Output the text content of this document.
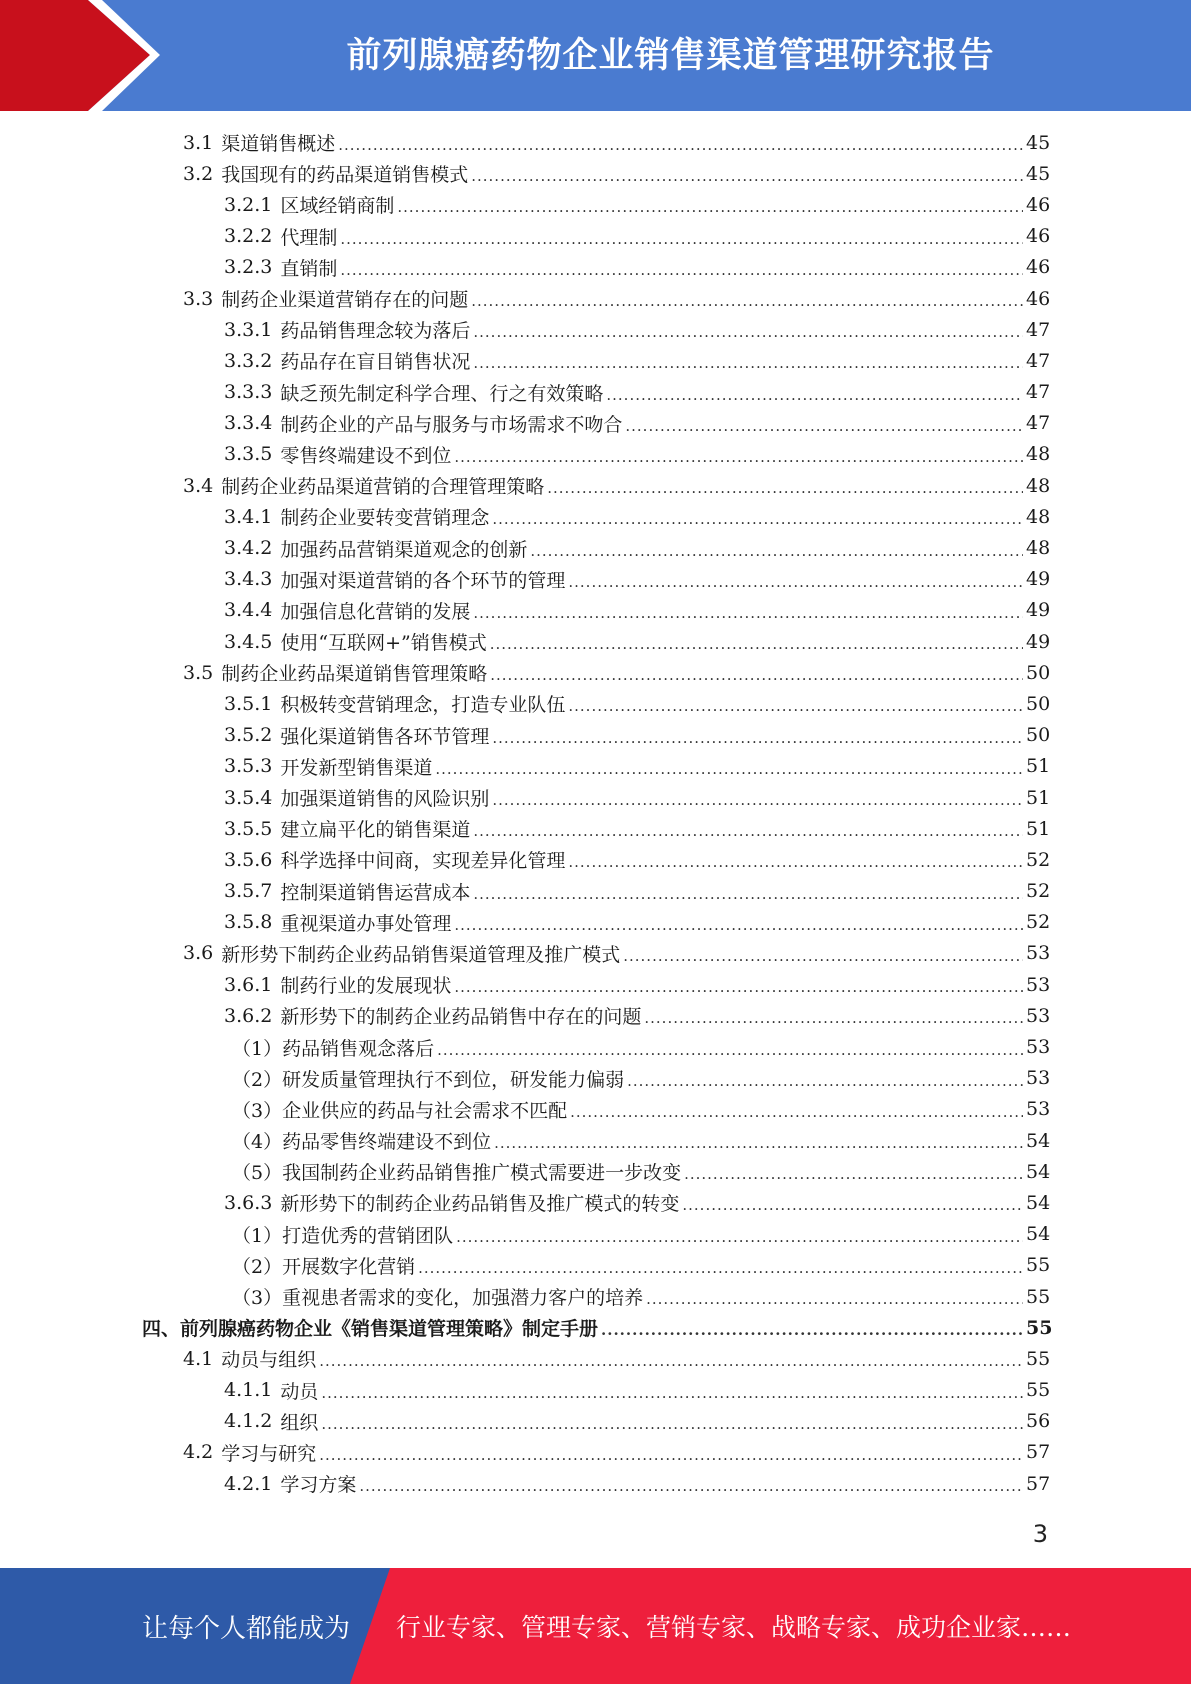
前列腺癌药物企业销售渠道管理研究报告
3.1 渠道销售概述 .....	45
3.2 我国现有的药品渠道销售模式 .....	45
3.2.1 区域经销商制 .....	46
3.2.2 代理制 .....	46
3.2.3 直销制 .....	46
3.3 制药企业渠道营销存在的问题 .....	46
3.3.1 药品销售理念较为落后 .....	47
3.3.2 药品存在盲目销售状况 .....	47
3.3.3 缺乏预先制定科学合理、行之有效策略 .....	47
3.3.4 制药企业的产品与服务与市场需求不吻合 .....	47
3.3.5 零售终端建设不到位 .....	48
3.4 制药企业药品渠道营销的合理管理策略 .....	48
3.4.1 制药企业要转变营销理念 .....	48
3.4.2 加强药品营销渠道观念的创新 .....	48
3.4.3 加强对渠道营销的各个环节的管理 .....	49
3.4.4 加强信息化营销的发展 .....	49
3.4.5 使用“互联网+”销售模式 .....	49
3.5 制药企业药品渠道销售管理策略 .....	50
3.5.1 积极转变营销理念，打造专业队伍 .....	50
3.5.2 强化渠道销售各环节管理 .....	50
3.5.3 开发新型销售渠道 .....	51
3.5.4 加强渠道销售的风险识别 .....	51
3.5.5 建立扁平化的销售渠道 .....	51
3.5.6 科学选择中间商，实现差异化管理 .....	52
3.5.7 控制渠道销售运营成本 .....	52
3.5.8 重视渠道办事处管理 .....	52
3.6 新形势下制药企业药品销售渠道管理及推广模式 .....	53
3.6.1 制药行业的发展现状 .....	53
3.6.2 新形势下的制药企业药品销售中存在的问题 .....	53
（1）药品销售观念落后 .....	53
（2）研发质量管理执行不到位，研发能力偏弱 .....	53
（3）企业供应的药品与社会需求不匹配 .....	53
（4）药品零售终端建设不到位 .....	54
（5）我国制药企业药品销售推广模式需要进一步改变 .....	54
3.6.3 新形势下的制药企业药品销售及推广模式的转变 .....	54
（1）打造优秀的营销团队 .....	54
（2）开展数字化营销 .....	55
（3）重视患者需求的变化，加强潜力客户的培养 .....	55
四、前列腺癌药物企业《销售渠道管理策略》制定手册 .....	55
4.1 动员与组织 .....	55
4.1.1 动员 .....	55
4.1.2 组织 .....	56
4.2 学习与研究 .....	57
4.2.1 学习方案 .....	57
3
让每个人都能成为 行业专家、管理专家、营销专家、战略专家、成功企业家……
